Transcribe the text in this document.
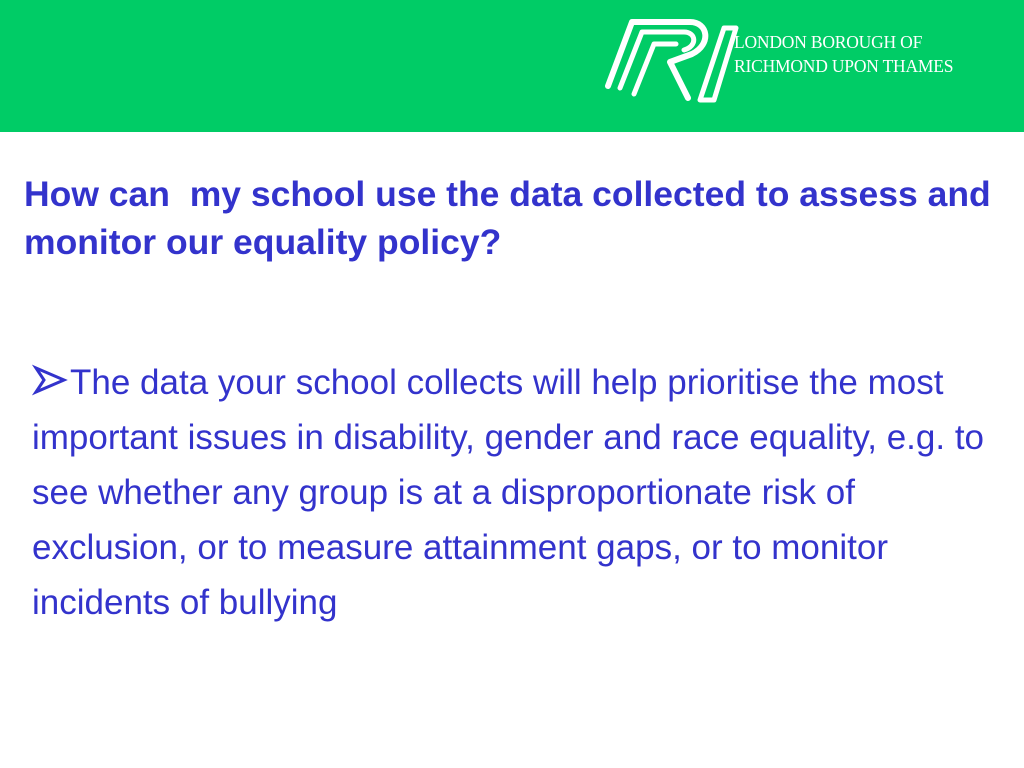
LONDON BOROUGH OF
RICHMOND UPON THAMES
How can  my school use the data collected to assess and monitor our equality policy?
The data your school collects will help prioritise the most important issues in disability, gender and race equality, e.g. to see whether any group is at a disproportionate risk of exclusion, or to measure attainment gaps, or to monitor incidents of bullying
